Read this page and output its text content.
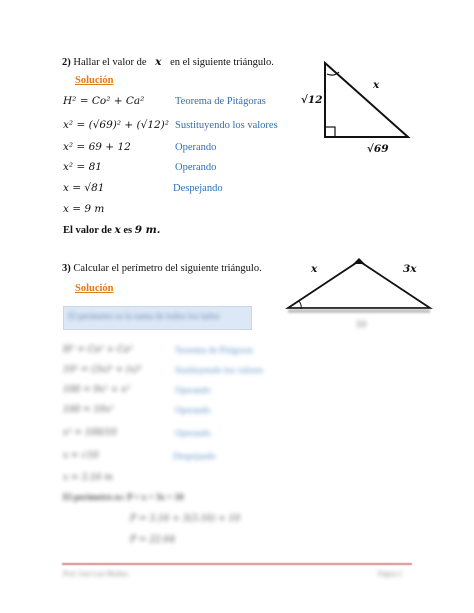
2) Hallar el valor de x en el siguiente triángulo.
Solución
H² = Co² + Ca²	Teorema de Pitágoras
x² = (√69)² + (√12)² Sustituyendo los valores
x² = 69 + 12	Operando
x² = 81	Operando
x = √81	Despejando
x = 9 m
El valor de x es 9 m.
x
√12
√69
3) Calcular el perímetro del siguiente triángulo.
Solución
x	3x
10
El perímetro es la suma de todos los lados
H² = Co² + Ca²	Teorema de Pitágoras
10² = (3x)² + (x)²	Sustituyendo los valores
100 = 9x² + x²	Operando
100 = 10x²	Operando
x² = 100/10	Operando
x = √10	Despejando
x = 3.16 m
El perímetro es: P = x + 3x + 10
P = 3.16 + 3(3.16) + 10
P = 22.64
Prof. José Luis Medina	Página 2
